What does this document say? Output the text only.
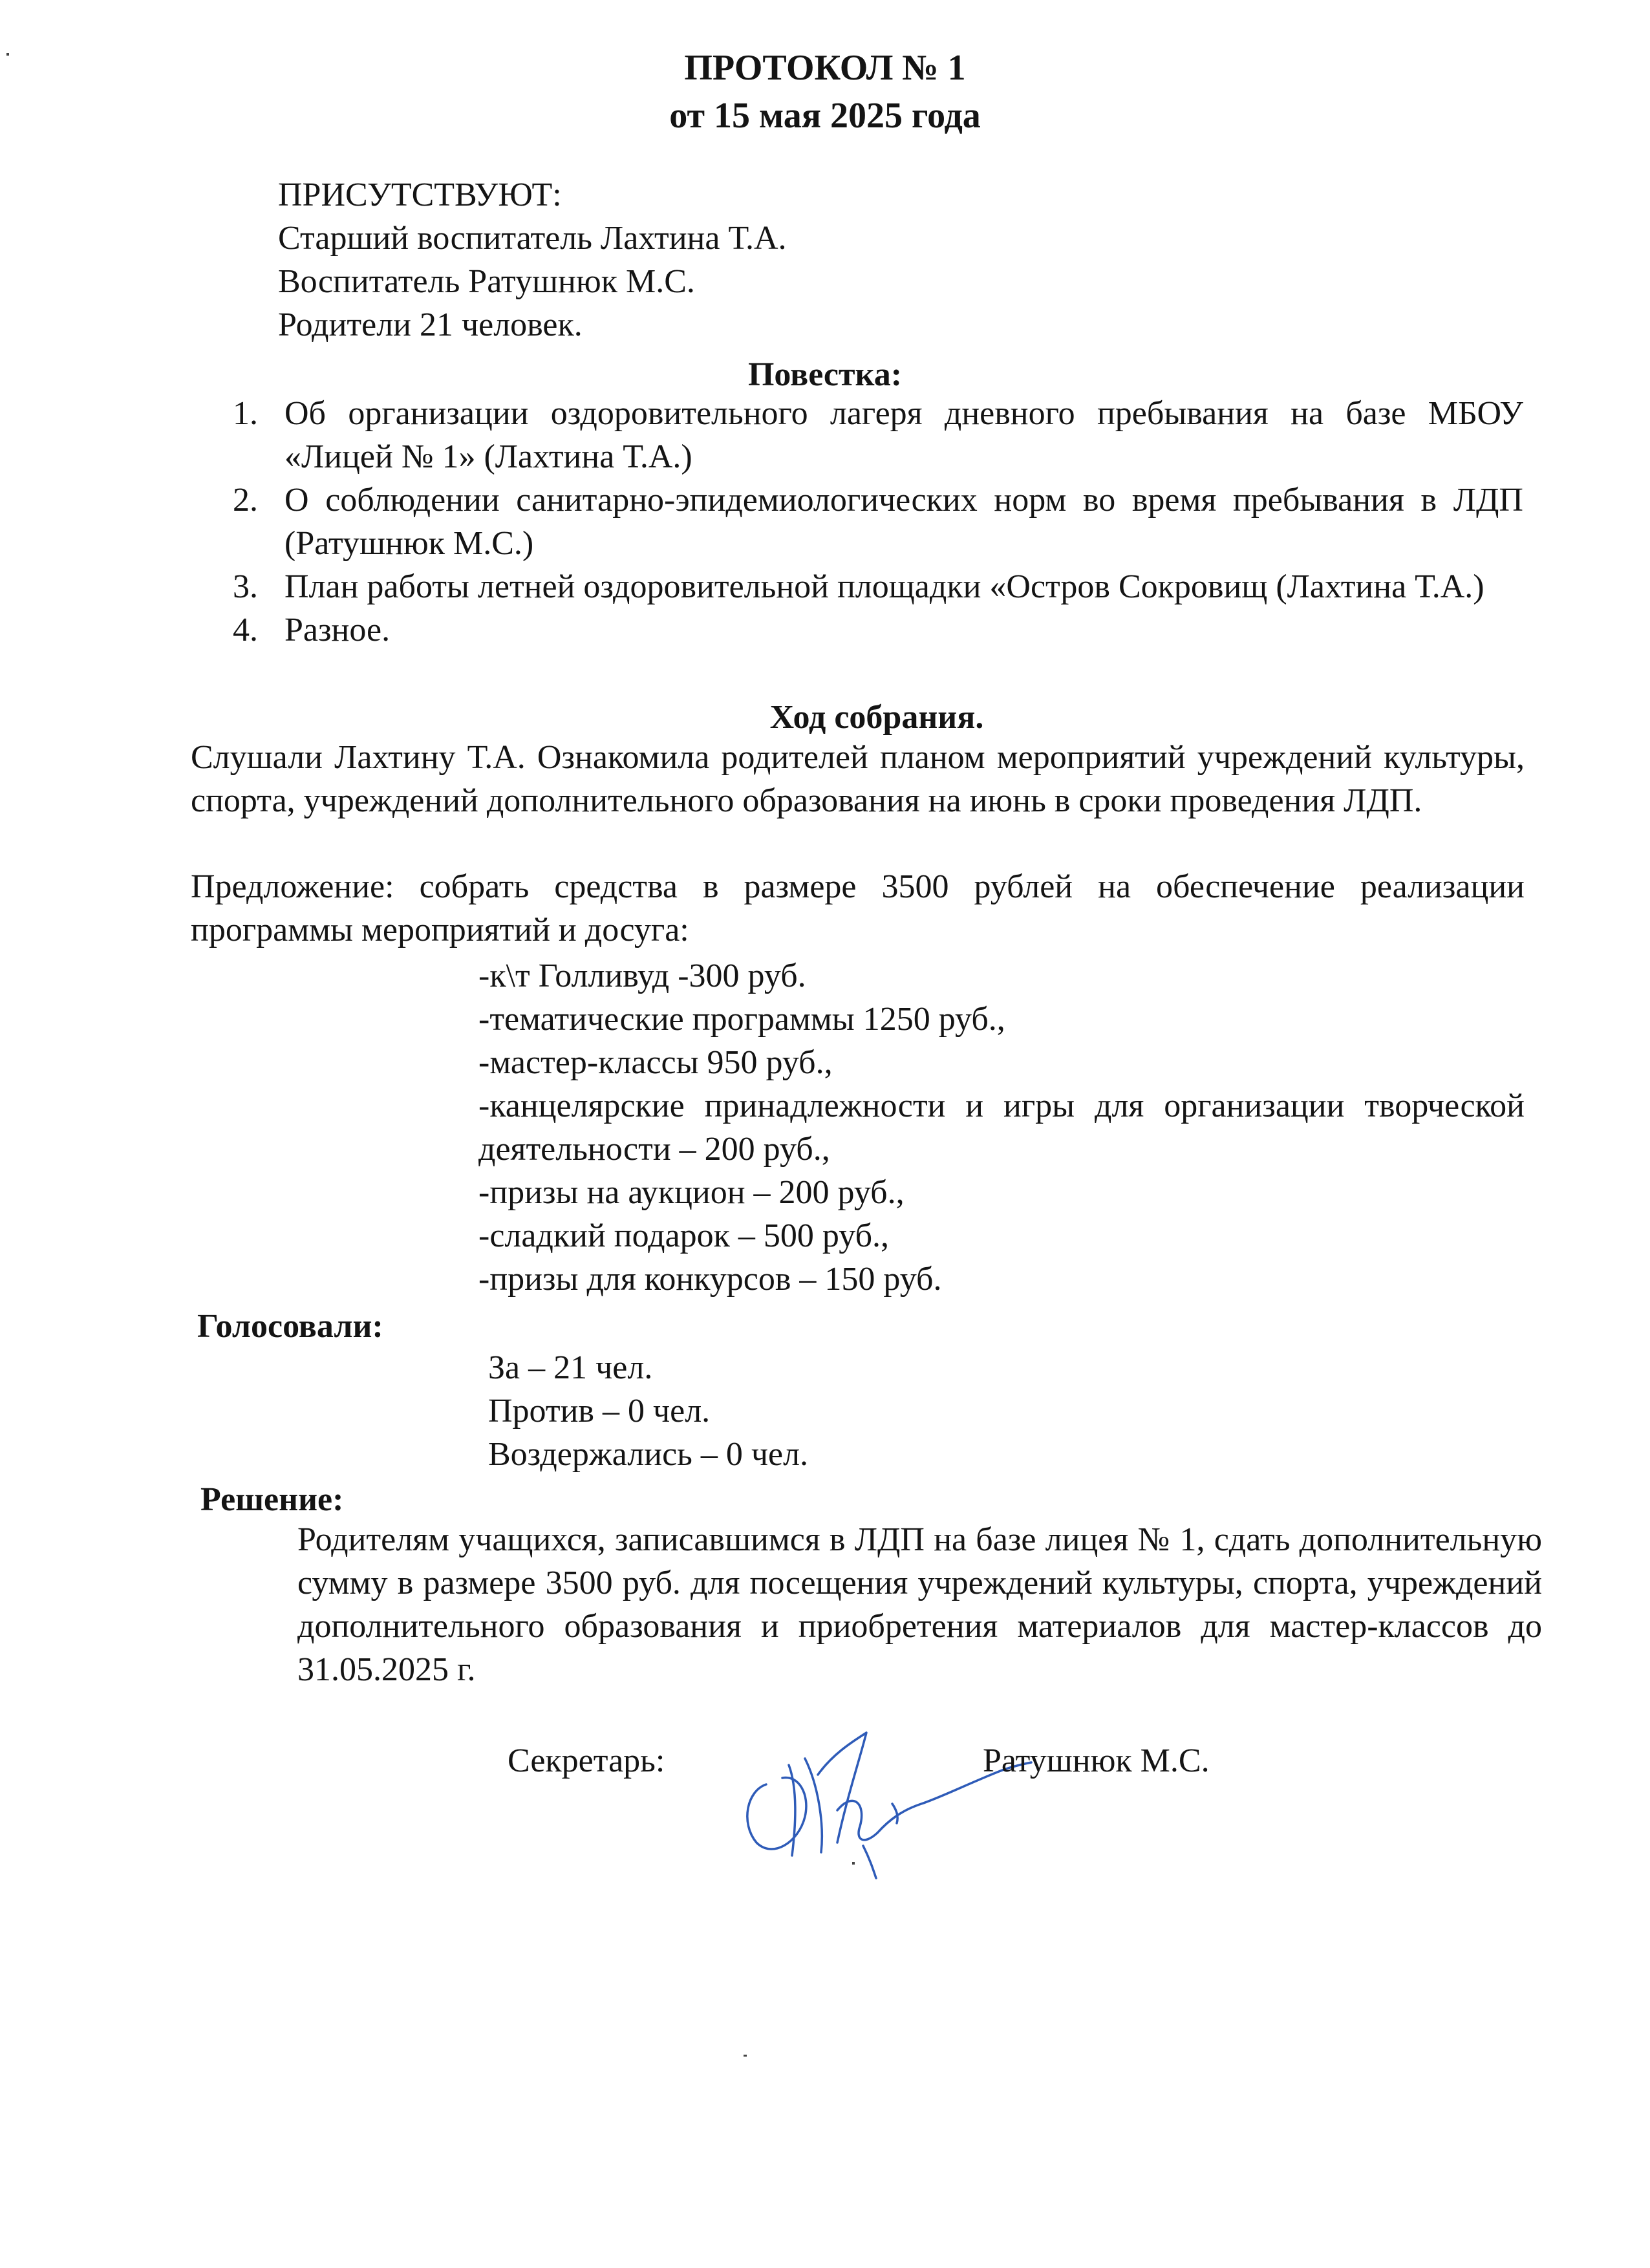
ПРОТОКОЛ № 1
от 15 мая 2025 года

ПРИСУТСТВУЮТ:

Старший воспитатель Лахтина Т.А.

Воспитатель Ратушнюк М.С.

Родители 21 человек.

Повестка:
1. Об организации оздоровительного лагеря дневного пребывания на базе МБОУ «Лицей № 1» (Лахтина Т.А.)
2. О соблюдении санитарно-эпидемиологических норм во время пребывания в ЛДП (Ратушнюк М.С.)
3. План работы летней оздоровительной площадки «Остров Сокровищ (Лахтина Т.А.)
4. Разное.
Ход собрания.

Слушали Лахтину Т.А. Ознакомила родителей планом мероприятий учреждений культуры, спорта, учреждений дополнительного образования на июнь в сроки проведения ЛДП.

Предложение: собрать средства в размере 3500 рублей на обеспечение реализации программы мероприятий и досуга:

-к\т Голливуд -300 руб.

-тематические программы 1250 руб.,

-мастер-классы 950 руб.,

-канцелярские принадлежности и игры для организации творческой деятельности – 200 руб.,

-призы на аукцион – 200 руб.,

-сладкий подарок – 500 руб.,

-призы для конкурсов – 150 руб.

Голосовали:

За – 21 чел.

Против – 0 чел.

Воздержались – 0 чел.

Решение:

Родителям учащихся, записавшимся в ЛДП на базе лицея № 1, сдать дополнительную сумму в размере 3500 руб. для посещения учреждений культуры, спорта, учреждений дополнительного образования и приобретения материалов для мастер-классов до 31.05.2025 г.

Секретарь:	Ратушнюк М.С.
